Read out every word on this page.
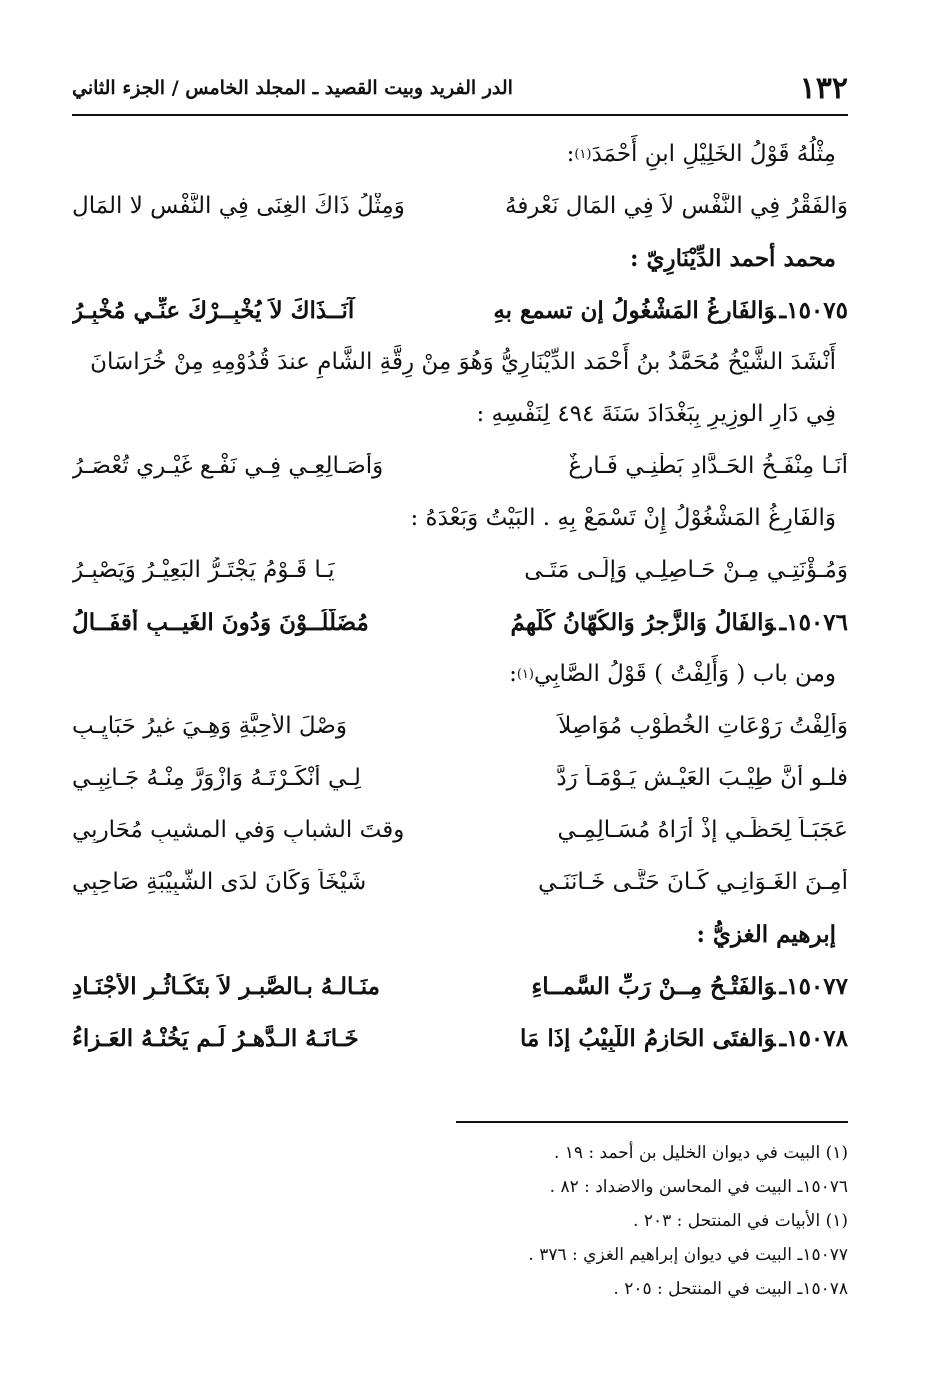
١٣٢
الدر الفريد وبيت القصيد ـ المجلد الخامس / الجزء الثاني
مِثْلُهُ قَوْلُ الخَلِيْلِ ابنِ أَحْمَدَ
(١)
:
وَالفَقْرُ فِي النَّفْسِ لاَ فِي المَالِ نَعْرِفهُ
وَمِثْلُ ذَاكَ الغِنَى فِي النَّفْسِ لا المَالِ
محمد أحمد الدِّيْنَارِيّ :
١٥٠٧٥ـوَالفَارِغُ المَشْغُولُ إن تسمع بهِ
آنَــذَاكَ لاَ يُخْبِــرْكَ عنِّـي مُخْبِـرُ
أَنْشَدَ الشَّيْخُ مُحَمَّدُ بنُ أَحْمَد الدِّيْنَارِيُّ وَهُوَ مِنْ رِقَّةِ الشَّامِ عندَ قُدُوْمِهِ مِنْ خُرَاسَانَ
فِي دَارِ الوزِيرِ بِبَغْدَادَ سَنَةَ ٤٩٤ لِنَفْسِهِ :
أَنَـا مِنْفَـخُ الحَـدَّادِ بَطْنِـي فَـارِغٌ
وَأَصَـالِعِـي فِـي نَفْـعِ غَيْـرِي تُعْصَـرُ
وَالفَارِغُ المَشْغُوْلُ إِنْ تَسْمَعْ بِهِ . البَيْتُ وَبَعْدَهُ :
وَمُـؤْنَتِـي مِـنْ حَـاصِلِـي وَإِلَـى مَتَـى
يَـا قَـوْمُ يَجْتَـرُّ البَعِيْـرُ وَيَصْبِـرُ
١٥٠٧٦ـوَالفَالُ وَالزَّجرُ وَالكُهّانُ كُلُّهمُ
مُضَلَّلُــوْنَ وَدُونَ الغَيــبِ أقفَــالُ
ومن باب ( وَأَلِفْتُ ) قَوْلُ الصَّابِي
(١)
:
وَأَلِفْتُ رَوْعَاتِ الخُطُوْبِ مُوَاصِلاً
وَصْلَ الأَحِبَّةِ وَهِـيَ غيرُ حَبَايِـبِ
فلـو أَنَّ طِيْـبَ العَيْـشِ يَـوْمَـاً رَدَّ
لِـي أَنْكَـرْتَـهُ وَازْوَرَّ مِنْـهُ جَـانِبِـي
عَجَبَـاً لِحَظِّـي إِذْ أَرَاهُ مُسَـالِمِـي
وقتَ الشبابِ وَفي المشيبِ مُحَارِبِي
أَمِـنَ الغَـوَانِـي كَـانَ حَتَّـى خَـانَنَـي
شَيْخَاً وَكَانَ لدَى الشَّبِيْبَةِ صَاحِبِي
إبرهيم الغزيُّ :
١٥٠٧٧ـوَالفَتْـحُ مِــنْ رَبِّ السَّمــاءِ
منَـالـهُ بـالصَّبـرِ لاَ بتَكَـاثُـرِ الأَجْنَـادِ
١٥٠٧٨ـوَالفتَى الحَازِمُ اللَّبِيْبُ إذَا مَا
خَـانَـهُ الـدَّهـرُ لَـم يَخُنْـهُ العَـزاءُ
(١) البيت في ديوان الخليل بن أحمد : ١٩ .
١٥٠٧٦ـ البيت في المحاسن والاضداد : ٨٢ .
(١) الأبيات في المنتحل : ٢٠٣ .
١٥٠٧٧ـ البيت في ديوان إبراهيم الغزي : ٣٧٦ .
١٥٠٧٨ـ البيت في المنتحل : ٢٠٥ .
